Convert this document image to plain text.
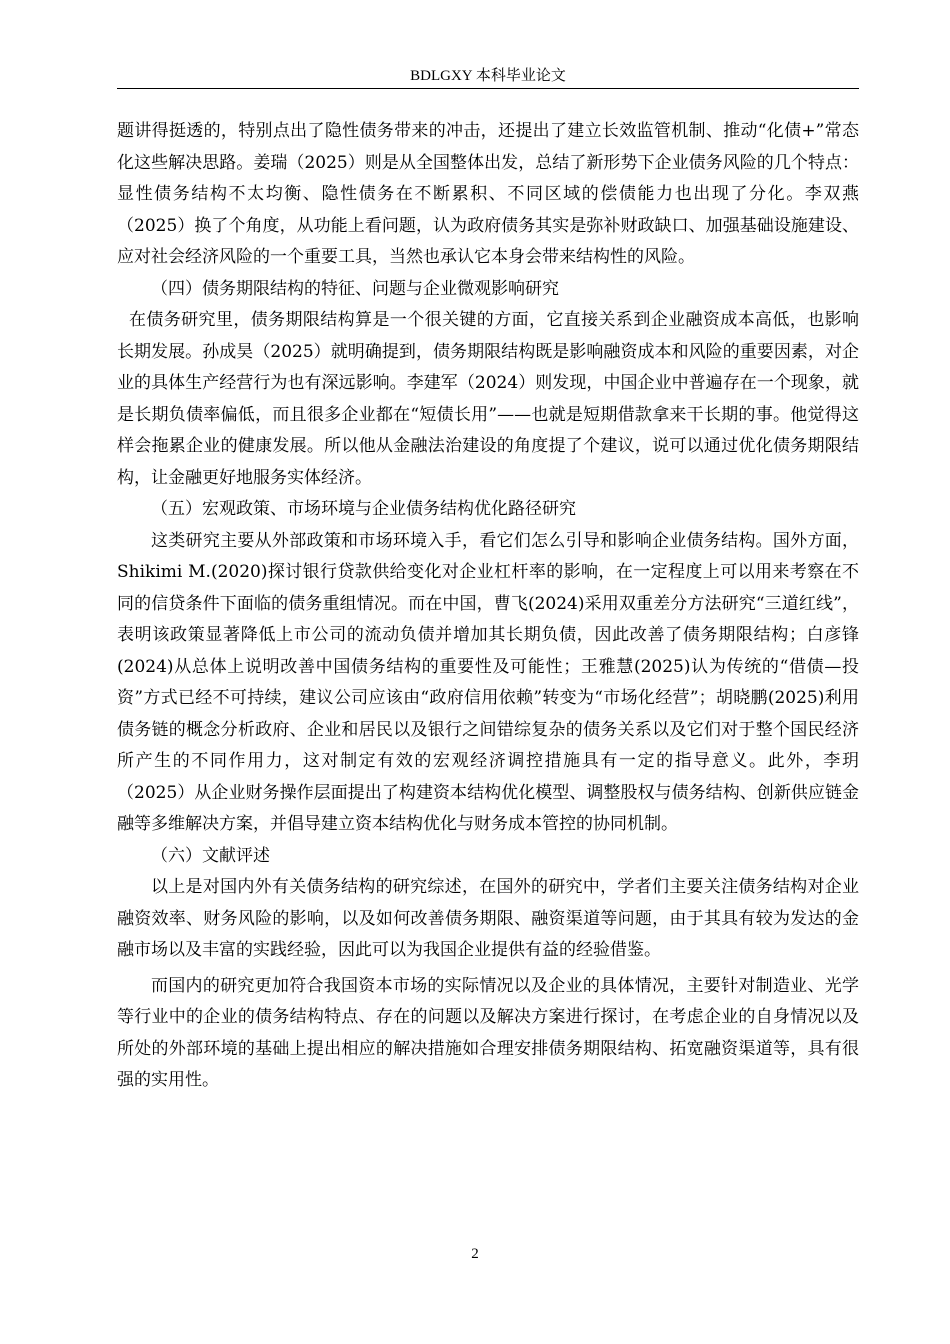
BDLGXY 本科毕业论文

题讲得挺透的，特别点出了隐性债务带来的冲击，还提出了建立长效监管机制、推动“化债+”常态化这些解决思路。姜瑞（2025）则是从全国整体出发，总结了新形势下企业债务风险的几个特点：显性债务结构不太均衡、隐性债务在不断累积、不同区域的偿债能力也出现了分化。李双燕（2025）换了个角度，从功能上看问题，认为政府债务其实是弥补财政缺口、加强基础设施建设、应对社会经济风险的一个重要工具，当然也承认它本身会带来结构性的风险。

（四）债务期限结构的特征、问题与企业微观影响研究

在债务研究里，债务期限结构算是一个很关键的方面，它直接关系到企业融资成本高低，也影响长期发展。孙成昊（2025）就明确提到，债务期限结构既是影响融资成本和风险的重要因素，对企业的具体生产经营行为也有深远影响。李建军（2024）则发现，中国企业中普遍存在一个现象，就是长期负债率偏低，而且很多企业都在“短债长用”——也就是短期借款拿来干长期的事。他觉得这样会拖累企业的健康发展。所以他从金融法治建设的角度提了个建议，说可以通过优化债务期限结构，让金融更好地服务实体经济。

（五）宏观政策、市场环境与企业债务结构优化路径研究

这类研究主要从外部政策和市场环境入手，看它们怎么引导和影响企业债务结构。国外方面，Shikimi M.(2020)探讨银行贷款供给变化对企业杠杆率的影响，在一定程度上可以用来考察在不同的信贷条件下面临的债务重组情况。而在中国，曹飞(2024)采用双重差分方法研究“三道红线”，表明该政策显著降低上市公司的流动负债并增加其长期负债，因此改善了债务期限结构；白彦锋(2024)从总体上说明改善中国债务结构的重要性及可能性；王雅慧(2025)认为传统的“借债—投资”方式已经不可持续，建议公司应该由“政府信用依赖”转变为“市场化经营”；胡晓鹏(2025)利用债务链的概念分析政府、企业和居民以及银行之间错综复杂的债务关系以及它们对于整个国民经济所产生的不同作用力，这对制定有效的宏观经济调控措施具有一定的指导意义。此外，李玥（2025）从企业财务操作层面提出了构建资本结构优化模型、调整股权与债务结构、创新供应链金融等多维解决方案，并倡导建立资本结构优化与财务成本管控的协同机制。

（六）文献评述

以上是对国内外有关债务结构的研究综述，在国外的研究中，学者们主要关注债务结构对企业融资效率、财务风险的影响，以及如何改善债务期限、融资渠道等问题，由于其具有较为发达的金融市场以及丰富的实践经验，因此可以为我国企业提供有益的经验借鉴。

而国内的研究更加符合我国资本市场的实际情况以及企业的具体情况，主要针对制造业、光学等行业中的企业的债务结构特点、存在的问题以及解决方案进行探讨，在考虑企业的自身情况以及所处的外部环境的基础上提出相应的解决措施如合理安排债务期限结构、拓宽融资渠道等，具有很强的实用性。

2
